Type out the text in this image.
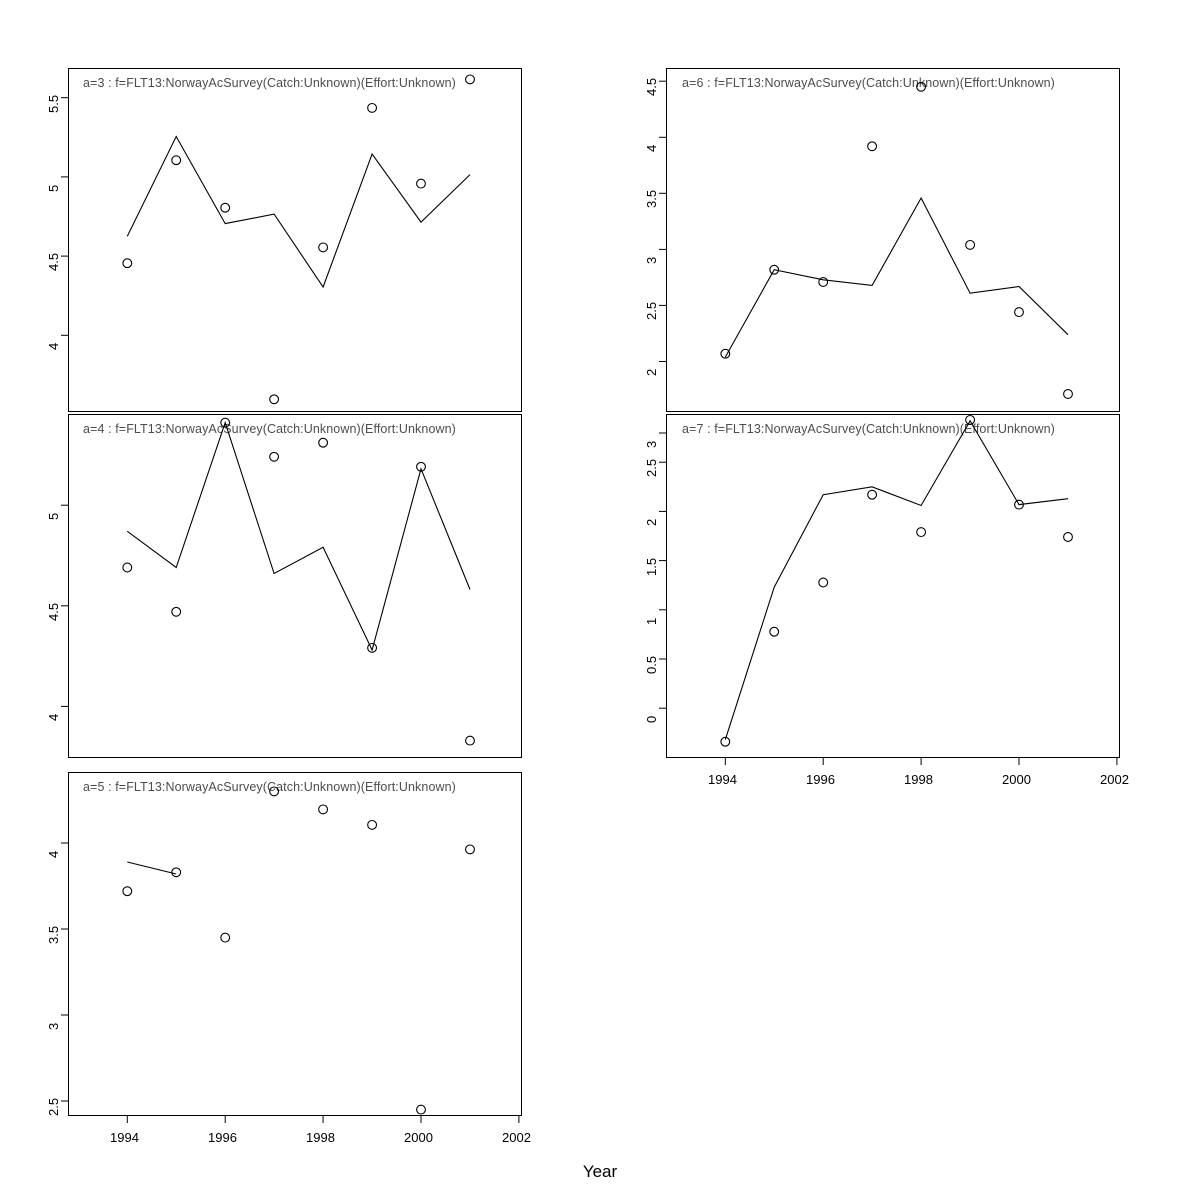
a=3 : f=FLT13:NorwayAcSurvey(Catch:Unknown)(Effort:Unknown)
4
4.5
5
5.5
a=4 : f=FLT13:NorwayAcSurvey(Catch:Unknown)(Effort:Unknown)
4
4.5
5
a=5 : f=FLT13:NorwayAcSurvey(Catch:Unknown)(Effort:Unknown)
2.5
3
3.5
4
1994	1996	1998	2000	2002
a=6 : f=FLT13:NorwayAcSurvey(Catch:Unknown)(Effort:Unknown)
2
2.5
3
3.5
4
4.5
a=7 : f=FLT13:NorwayAcSurvey(Catch:Unknown)(Effort:Unknown)
0
0.5
1
1.5
2
2.5
3
1994	1996	1998	2000	2002
Year
